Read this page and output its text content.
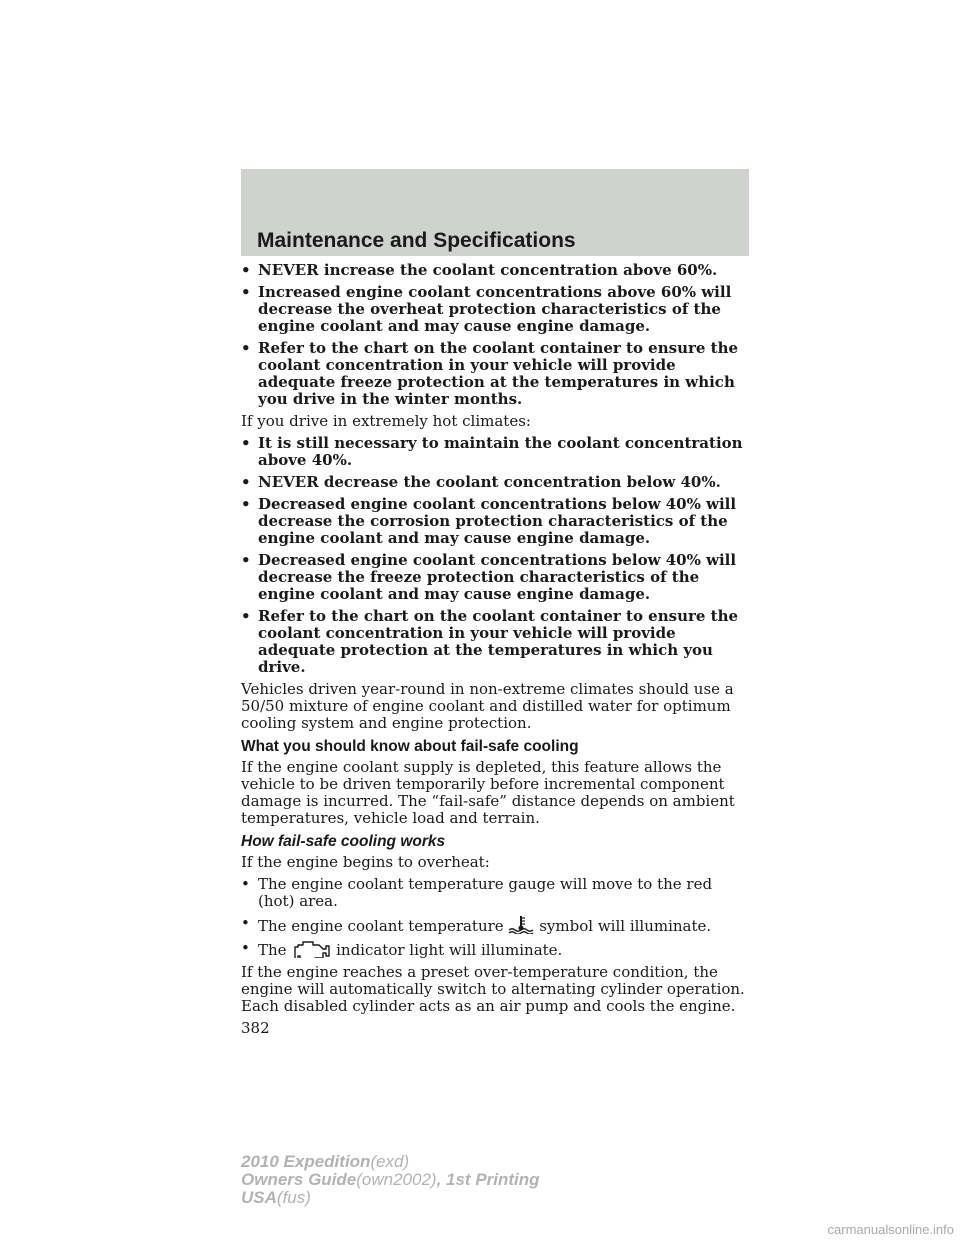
Maintenance and Specifications
• NEVER increase the coolant concentration above 60%.
• Increased engine coolant concentrations above 60% will decrease the overheat protection characteristics of the engine coolant and may cause engine damage.
• Refer to the chart on the coolant container to ensure the coolant concentration in your vehicle will provide adequate freeze protection at the temperatures in which you drive in the winter months.

If you drive in extremely hot climates:

• It is still necessary to maintain the coolant concentration above 40%.
• NEVER decrease the coolant concentration below 40%.
• Decreased engine coolant concentrations below 40% will decrease the corrosion protection characteristics of the engine coolant and may cause engine damage.
• Decreased engine coolant concentrations below 40% will decrease the freeze protection characteristics of the engine coolant and may cause engine damage.
• Refer to the chart on the coolant container to ensure the coolant concentration in your vehicle will provide adequate protection at the temperatures in which you drive.

Vehicles driven year-round in non-extreme climates should use a 50/50 mixture of engine coolant and distilled water for optimum cooling system and engine protection.

What you should know about fail-safe cooling

If the engine coolant supply is depleted, this feature allows the vehicle to be driven temporarily before incremental component damage is incurred. The “fail-safe” distance depends on ambient temperatures, vehicle load and terrain.

How fail-safe cooling works

If the engine begins to overheat:

• The engine coolant temperature gauge will move to the red (hot) area.
• The engine coolant temperature symbol will illuminate.
• The	indicator light will illuminate.

If the engine reaches a preset over-temperature condition, the engine will automatically switch to alternating cylinder operation. Each disabled cylinder acts as an air pump and cools the engine.

382

2010 Expedition(exd)
Owners Guide(own2002), 1st Printing
USA(fus)
carmanualsonline.info
